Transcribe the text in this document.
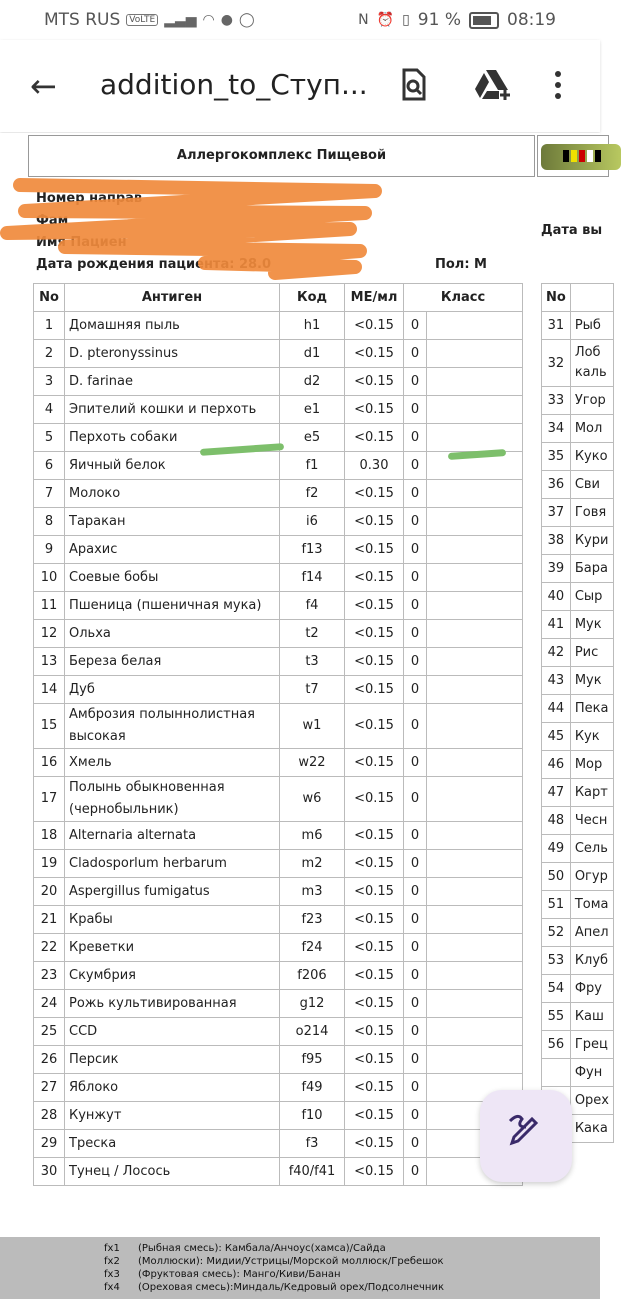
MTS RUS	VoLTE ▂▃▅ ◠ ● ◯	N ⏰ ▯ 91 %	08:19
← addition_to_Ступ...
Аллергокомплекс Пищевой
Номер направ
Фам
Имя Пациен
Дата вы
Дата рождения пациента: 28.0	Пол: М
No	Антиген	Код	МЕ/мл	Класс	
1	Домашняя пыль	h1	<0.15	0	
2	D. pteronyssinus	d1	<0.15	0	
3	D. farinae	d2	<0.15	0	
4	Эпителий кошки и перхоть	e1	<0.15	0	
5	Перхоть собаки	e5	<0.15	0	
6	Яичный белок	f1	0.30	0	
7	Молоко	f2	<0.15	0	
8	Таракан	i6	<0.15	0	
9	Арахис	f13	<0.15	0	
10	Соевые бобы	f14	<0.15	0	
11	Пшеница (пшеничная мука)	f4	<0.15	0	
12	Ольха	t2	<0.15	0	
13	Береза белая	t3	<0.15	0	
14	Дуб	t7	<0.15	0	
15	Амброзия полыннолистная высокая	w1	<0.15	0	
16	Хмель	w22	<0.15	0	
17	Полынь обыкновенная (чернобыльник)	w6	<0.15	0	
18	Alternaria alternata	m6	<0.15	0	
19	Cladosporlum herbarum	m2	<0.15	0	
20	Aspergillus fumigatus	m3	<0.15	0	
21	Крабы	f23	<0.15	0	
22	Креветки	f24	<0.15	0	
23	Скумбрия	f206	<0.15	0	
24	Рожь культивированная	g12	<0.15	0	
25	CCD	o214	<0.15	0	
26	Персик	f95	<0.15	0	
27	Яблоко	f49	<0.15	0	
28	Кунжут	f10	<0.15	0	
29	Треска	f3	<0.15	0	
30	Тунец / Лосось	f40/f41	<0.15	0	
No	
31	Рыб
32	Лоб
каль
33	Угор
34	Мол
35	Куко
36	Сви
37	Говя
38	Кури
39	Бара
40	Сыр
41	Мук
42	Рис
43	Мук
44	Пека
45	Кук
46	Мор
47	Карт
48	Чесн
49	Сель
50	Огур
51	Тома
52	Апел
53	Клуб
54	Фру
55	Каш
56	Грец
	Фун
	Орех
	Кака
fx1 (Рыбная смесь): Камбала/Анчоус(хамса)/Сайда
fx2 (Моллюски): Мидии/Устрицы/Морской моллюск/Гребешок
fx3 (Фруктовая смесь): Манго/Киви/Банан
fx4 (Ореховая смесь):Миндаль/Кедровый орех/Подсолнечник
